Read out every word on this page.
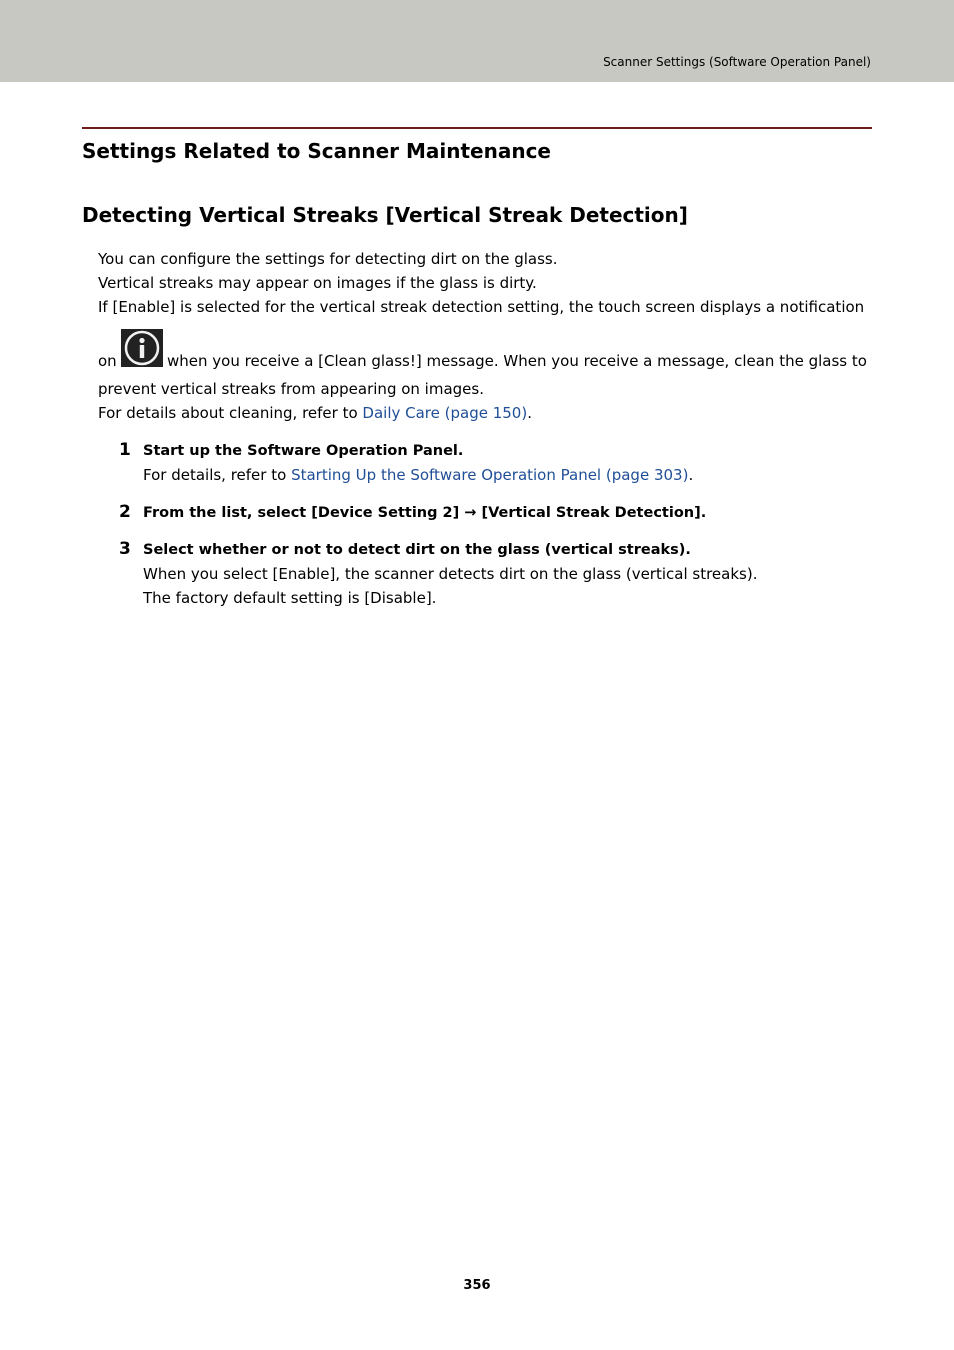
Scanner Settings (Software Operation Panel)
Settings Related to Scanner Maintenance
Detecting Vertical Streaks [Vertical Streak Detection]
You can configure the settings for detecting dirt on the glass.
Vertical streaks may appear on images if the glass is dirty.
If [Enable] is selected for the vertical streak detection setting, the touch screen displays a notification
on	when you receive a [Clean glass!] message. When you receive a message, clean the glass to
prevent vertical streaks from appearing on images.
For details about cleaning, refer to Daily Care (page 150).
1 Start up the Software Operation Panel.
For details, refer to Starting Up the Software Operation Panel (page 303).
2 From the list, select [Device Setting 2] → [Vertical Streak Detection].
3 Select whether or not to detect dirt on the glass (vertical streaks).
When you select [Enable], the scanner detects dirt on the glass (vertical streaks).
The factory default setting is [Disable].
356
